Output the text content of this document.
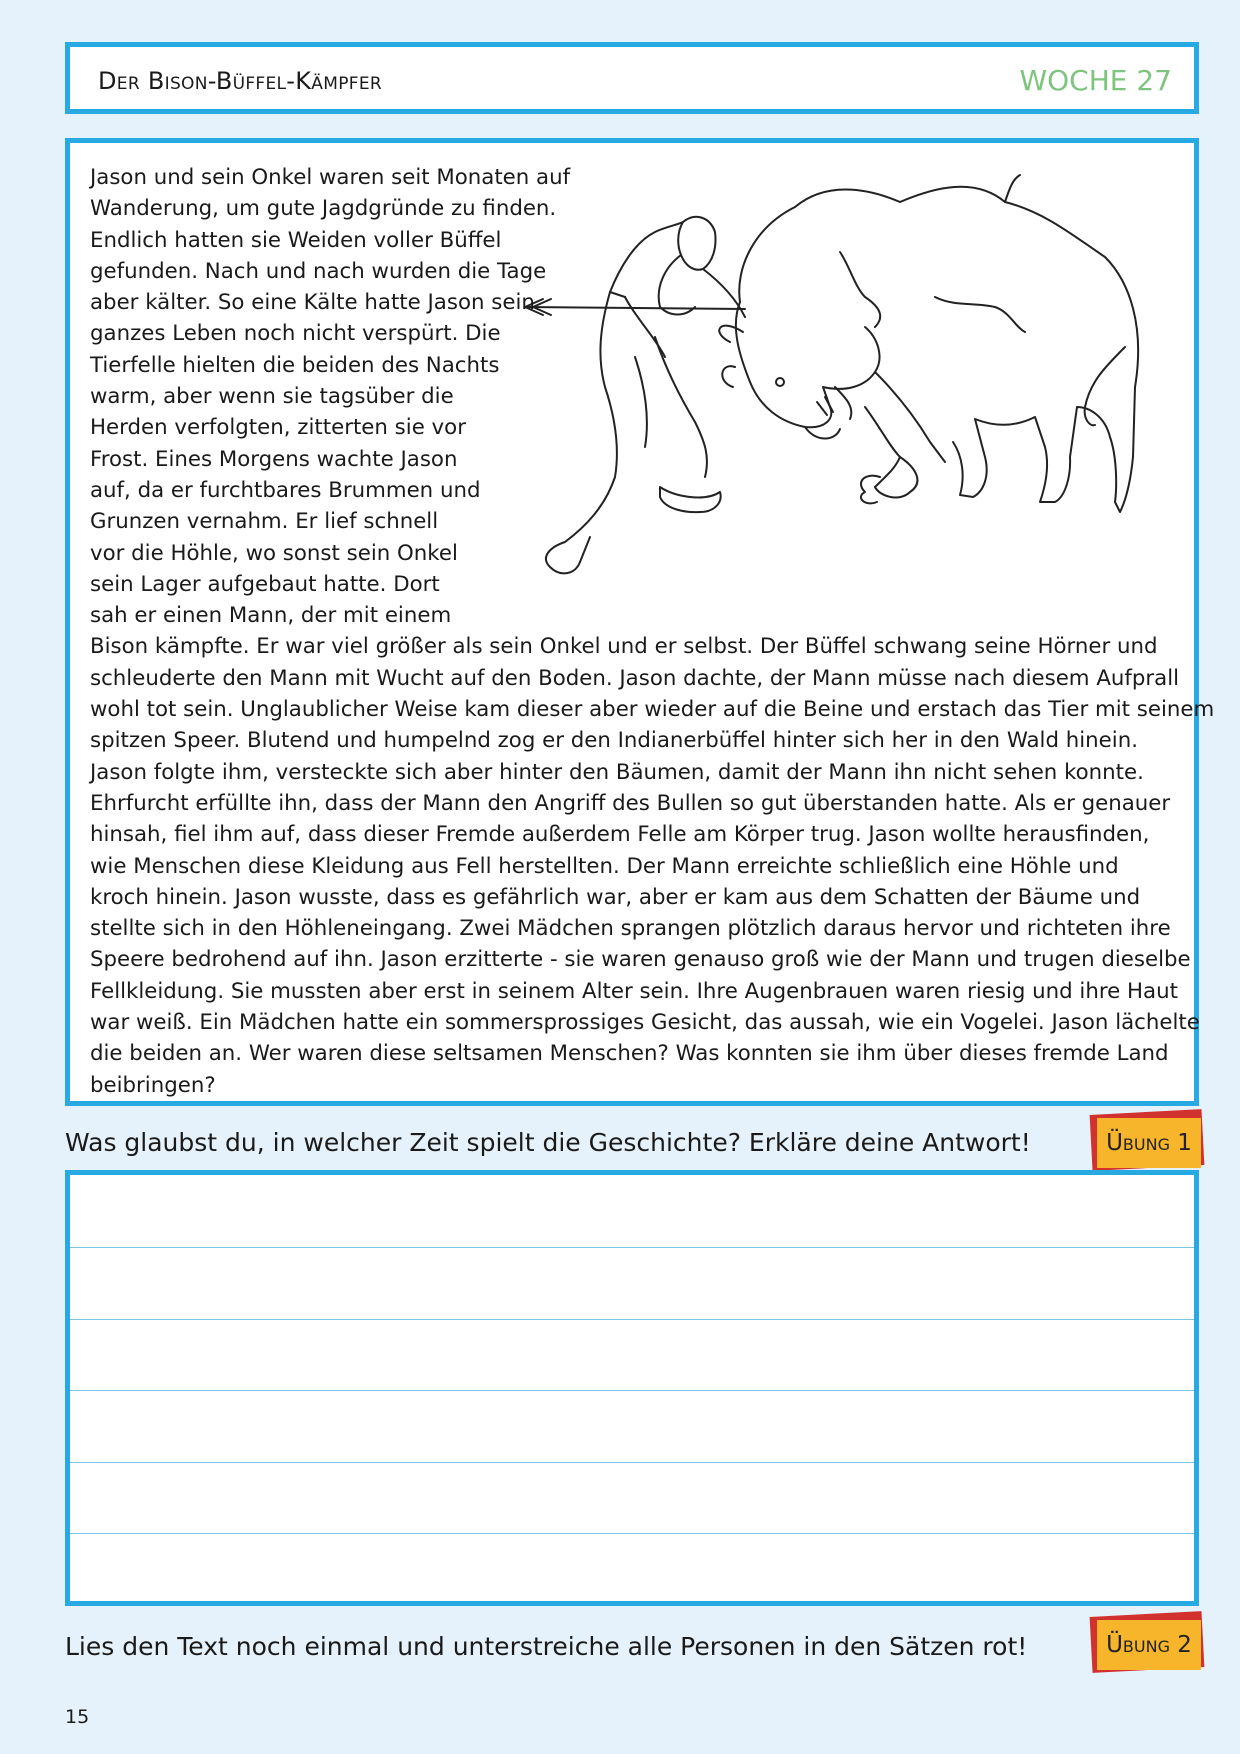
Der Bison-Büffel-Kämpfer	WOCHE 27
Jason und sein Onkel waren seit Monaten auf
Wanderung, um gute Jagdgründe zu finden.
Endlich hatten sie Weiden voller Büffel
gefunden. Nach und nach wurden die Tage
aber kälter. So eine Kälte hatte Jason sein
ganzes Leben noch nicht verspürt. Die
Tierfelle hielten die beiden des Nachts
warm, aber wenn sie tagsüber die
Herden verfolgten, zitterten sie vor
Frost. Eines Morgens wachte Jason
auf, da er furchtbares Brummen und
Grunzen vernahm. Er lief schnell
vor die Höhle, wo sonst sein Onkel
sein Lager aufgebaut hatte. Dort
sah er einen Mann, der mit einem
Bison kämpfte. Er war viel größer als sein Onkel und er selbst. Der Büffel schwang seine Hörner und
schleuderte den Mann mit Wucht auf den Boden. Jason dachte, der Mann müsse nach diesem Aufprall
wohl tot sein. Unglaublicher Weise kam dieser aber wieder auf die Beine und erstach das Tier mit seinem
spitzen Speer. Blutend und humpelnd zog er den Indianerbüffel hinter sich her in den Wald hinein.
Jason folgte ihm, versteckte sich aber hinter den Bäumen, damit der Mann ihn nicht sehen konnte.
Ehrfurcht erfüllte ihn, dass der Mann den Angriff des Bullen so gut überstanden hatte. Als er genauer
hinsah, fiel ihm auf, dass dieser Fremde außerdem Felle am Körper trug. Jason wollte herausfinden,
wie Menschen diese Kleidung aus Fell herstellten. Der Mann erreichte schließlich eine Höhle und
kroch hinein. Jason wusste, dass es gefährlich war, aber er kam aus dem Schatten der Bäume und
stellte sich in den Höhleneingang. Zwei Mädchen sprangen plötzlich daraus hervor und richteten ihre
Speere bedrohend auf ihn. Jason erzitterte - sie waren genauso groß wie der Mann und trugen dieselbe
Fellkleidung. Sie mussten aber erst in seinem Alter sein. Ihre Augenbrauen waren riesig und ihre Haut
war weiß. Ein Mädchen hatte ein sommersprossiges Gesicht, das aussah, wie ein Vogelei. Jason lächelte
die beiden an. Wer waren diese seltsamen Menschen? Was konnten sie ihm über dieses fremde Land
beibringen?
Was glaubst du, in welcher Zeit spielt die Geschichte? Erkläre deine Antwort!	Übung 1
Lies den Text noch einmal und unterstreiche alle Personen in den Sätzen rot!	Übung 2
15
